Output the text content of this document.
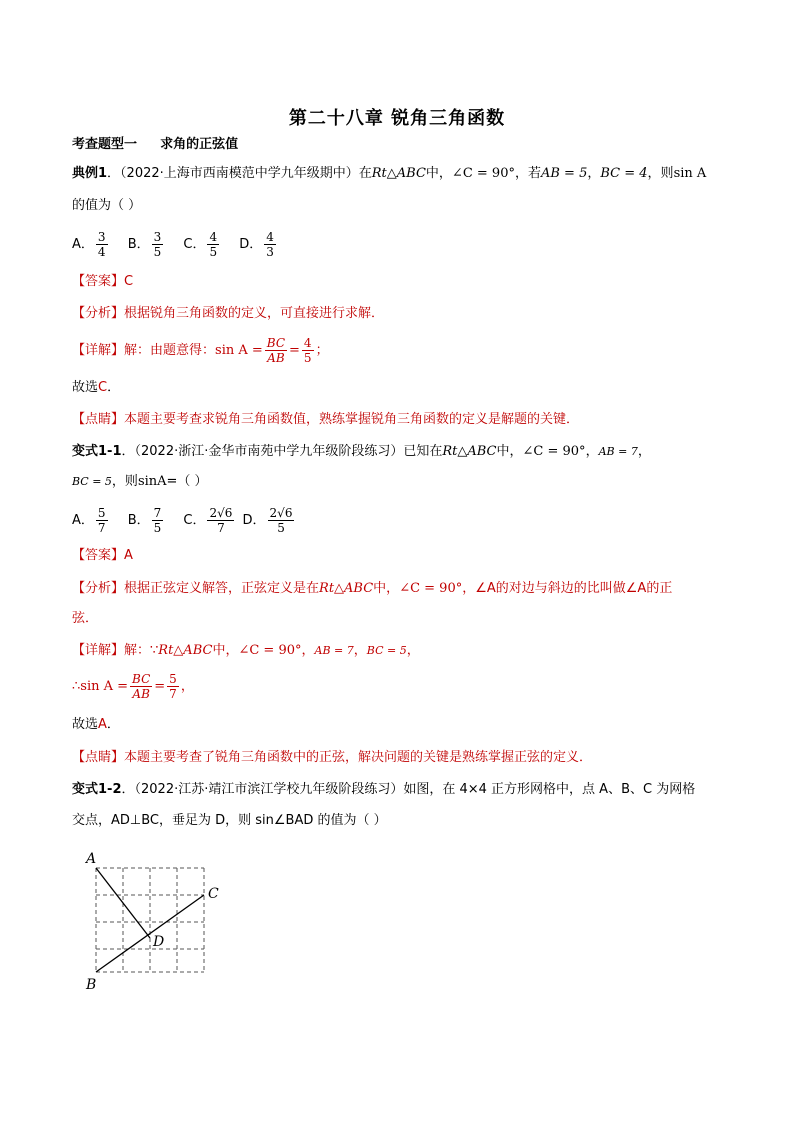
第二十八章 锐角三角函数
考查题型一 求角的正弦值
典例1．（2022·上海市西南模范中学九年级期中）在Rt△ABC中，∠C = 90°，若AB = 5，BC = 4，则sin A
的值为（ ）
A． $\frac{3}{4}$ B． $\frac{3}{5}$ C． $\frac{4}{5}$ D． $\frac{4}{3}$
【答案】C
【分析】根据锐角三角函数的定义，可直接进行求解．
【详解】解：由题意得：$\sin A = \frac{BC}{AB} = \frac{4}{5}$ ；
故选C．
【点睛】本题主要考查求锐角三角函数值，熟练掌握锐角三角函数的定义是解题的关键．
变式1-1．（2022·浙江·金华市南苑中学九年级阶段练习）已知在Rt△ABC中，∠C = 90°，AB = 7，
BC = 5，则sinA=（ ）
A． $\frac{5}{7}$ B． $\frac{7}{5}$ C． $\frac{2√6}{7}$ D． $\frac{2√6}{5}$
【答案】A
【分析】根据正弦定义解答，正弦定义是在Rt△ABC中，∠C = 90°，∠A的对边与斜边的比叫做∠A的正
弦．
【详解】解：∵Rt△ABC中，∠C = 90°，AB = 7，BC = 5，
∴sin $A = \frac{BC}{AB} = \frac{5}{7}$ ，
故选A．
【点睛】本题主要考查了锐角三角函数中的正弦，解决问题的关键是熟练掌握正弦的定义．
变式1-2．（2022·江苏·靖江市滨江学校九年级阶段练习）如图，在 4×4 正方形网格中，点 A、B、C 为网格
交点，AD⊥BC，垂足为 D，则 sin∠BAD 的值为（ ）
A
B
C
D
